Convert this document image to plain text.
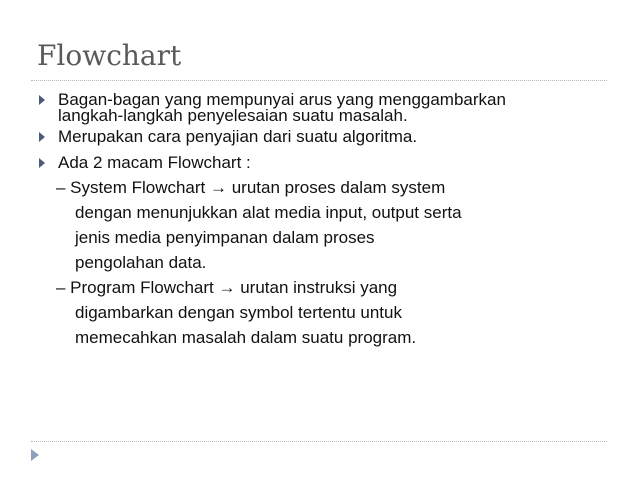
Flowchart
Bagan-bagan yang mempunyai arus yang menggambarkan
langkah-langkah penyelesaian suatu masalah.
Merupakan cara penyajian dari suatu algoritma.
Ada 2 macam Flowchart :
– System Flowchart → urutan proses dalam system
dengan menunjukkan alat media input, output serta
jenis media penyimpanan dalam proses
pengolahan data.
– Program Flowchart → urutan instruksi yang
digambarkan dengan symbol tertentu untuk
memecahkan masalah dalam suatu program.
